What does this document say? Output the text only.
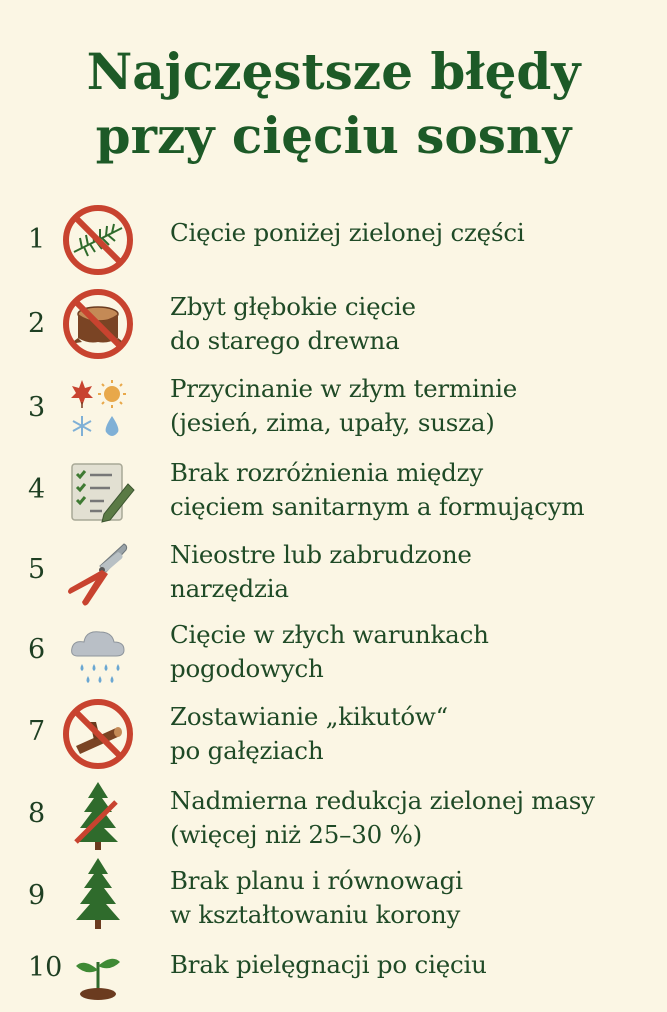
Najczęstsze błędy
przy cięciu sosny
1	Cięcie poniżej zielonej części
2
Zbyt głębokie cięcie
do starego drewna
3
Przycinanie w złym terminie
(jesień, zima, upały, susza)
4
Brak rozróżnienia między
cięciem sanitarnym a formującym
5	Nieostre lub zabrudzone
narzędzia
6	Cięcie w złych warunkach
pogodowych
7	Zostawianie „kikutów“
po gałęziach
8	Nadmierna redukcja zielonej masy
(więcej niż 25–30 %)
9	Brak planu i równowagi
w kształtowaniu korony
10	Brak pielęgnacji po cięciu
